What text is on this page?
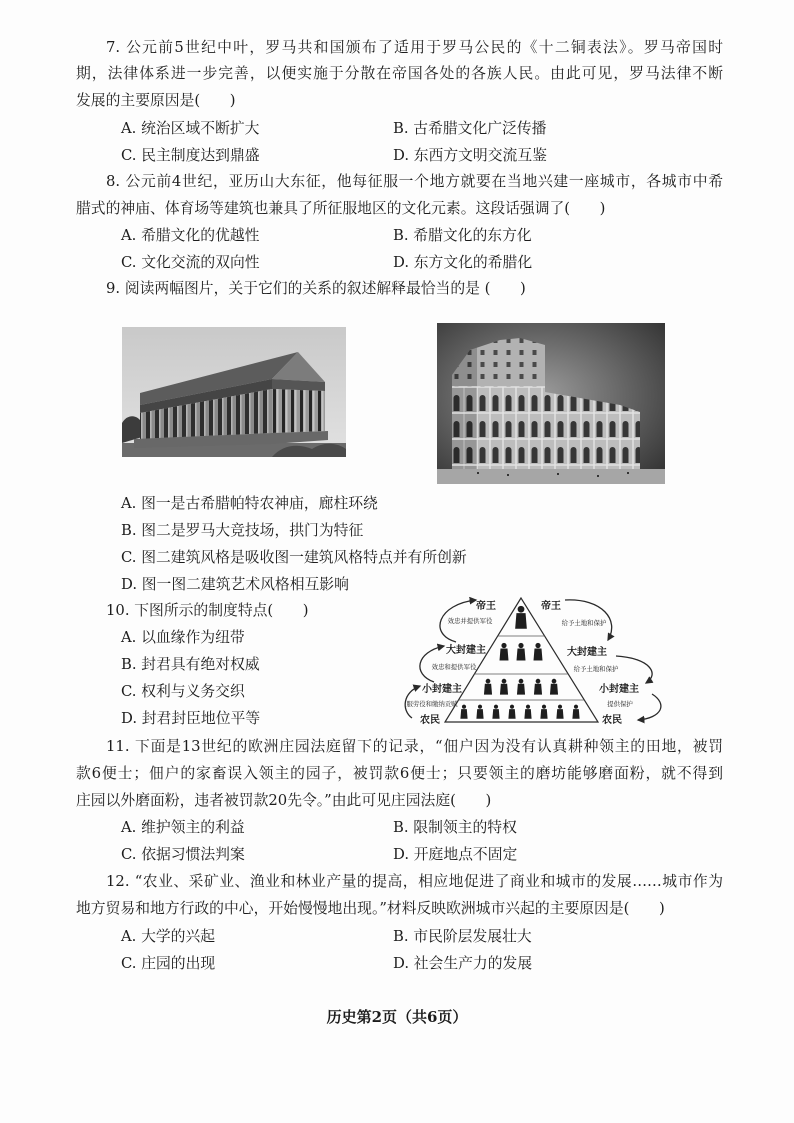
7. 公元前5世纪中叶，罗马共和国颁布了适用于罗马公民的《十二铜表法》。罗马帝国时
期，法律体系进一步完善，以便实施于分散在帝国各处的各族人民。由此可见，罗马法律不断
发展的主要原因是(　　)
A. 统治区域不断扩大	B. 古希腊文化广泛传播
C. 民主制度达到鼎盛	D. 东西方文明交流互鉴
8. 公元前4世纪，亚历山大东征，他每征服一个地方就要在当地兴建一座城市，各城市中希
腊式的神庙、体育场等建筑也兼具了所征服地区的文化元素。这段话强调了(　　)
A. 希腊文化的优越性	B. 希腊文化的东方化
C. 文化交流的双向性	D. 东方文化的希腊化
9. 阅读两幅图片，关于它们的关系的叙述解释最恰当的是 (　　)
A. 图一是古希腊帕特农神庙，廊柱环绕
B. 图二是罗马大竞技场，拱门为特征
C. 图二建筑风格是吸收图一建筑风格特点并有所创新
D. 图一图二建筑艺术风格相互影响
10. 下图所示的制度特点(　　)
A. 以血缘作为纽带
B. 封君具有绝对权威
C. 权利与义务交织
D. 封君封臣地位平等
帝王	帝王
效忠并提供军役	给予土地和保护
大封建主	大封建主
效忠和提供军役	给予土地和保护
小封建主	小封建主
服劳役和缴纳贡赋	提供保护
农民	农民
11. 下面是13世纪的欧洲庄园法庭留下的记录，“佃户因为没有认真耕种领主的田地，被罚
款6便士；佃户的家畜误入领主的园子，被罚款6便士；只要领主的磨坊能够磨面粉，就不得到
庄园以外磨面粉，违者被罚款20先令。”由此可见庄园法庭(　　)
A. 维护领主的利益	B. 限制领主的特权
C. 依据习惯法判案	D. 开庭地点不固定
12. “农业、采矿业、渔业和林业产量的提高，相应地促进了商业和城市的发展……城市作为
地方贸易和地方行政的中心，开始慢慢地出现。”材料反映欧洲城市兴起的主要原因是(　　)
A. 大学的兴起	B. 市民阶层发展壮大
C. 庄园的出现	D. 社会生产力的发展
历史第2页（共6页）
